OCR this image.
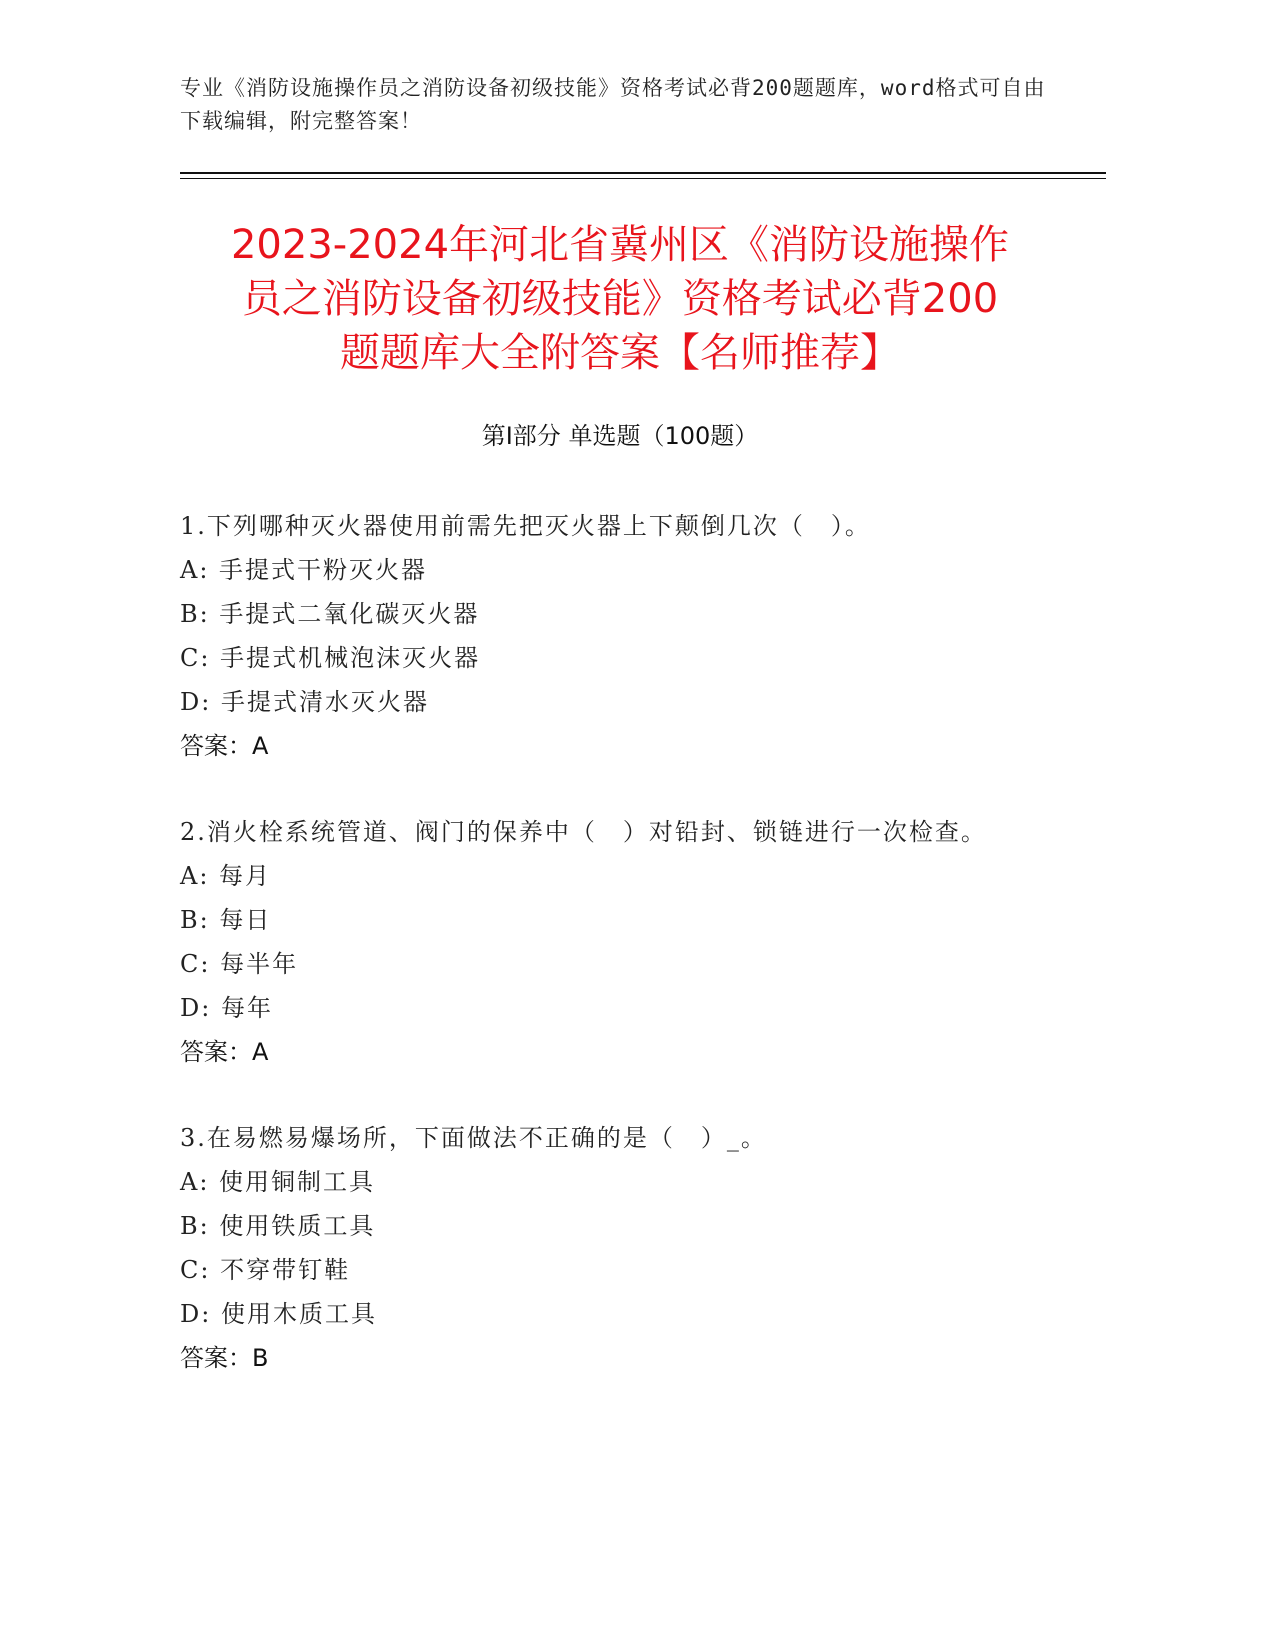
专业《消防设施操作员之消防设备初级技能》资格考试必背200题题库，word格式可自由下载编辑，附完整答案！
2023-2024年河北省冀州区《消防设施操作
员之消防设备初级技能》资格考试必背200
题题库大全附答案【名师推荐】
第Ⅰ部分 单选题（100题）

1.下列哪种灭火器使用前需先把灭火器上下颠倒几次（　）。

A: 手提式干粉灭火器

B: 手提式二氧化碳灭火器

C: 手提式机械泡沫灭火器

D: 手提式清水灭火器

答案：A

2.消火栓系统管道、阀门的保养中（　）对铅封、锁链进行一次检查。

A: 每月

B: 每日

C: 每半年

D: 每年

答案：A

3.在易燃易爆场所，下面做法不正确的是（　）_。

A: 使用铜制工具

B: 使用铁质工具

C: 不穿带钉鞋

D: 使用木质工具

答案：B
